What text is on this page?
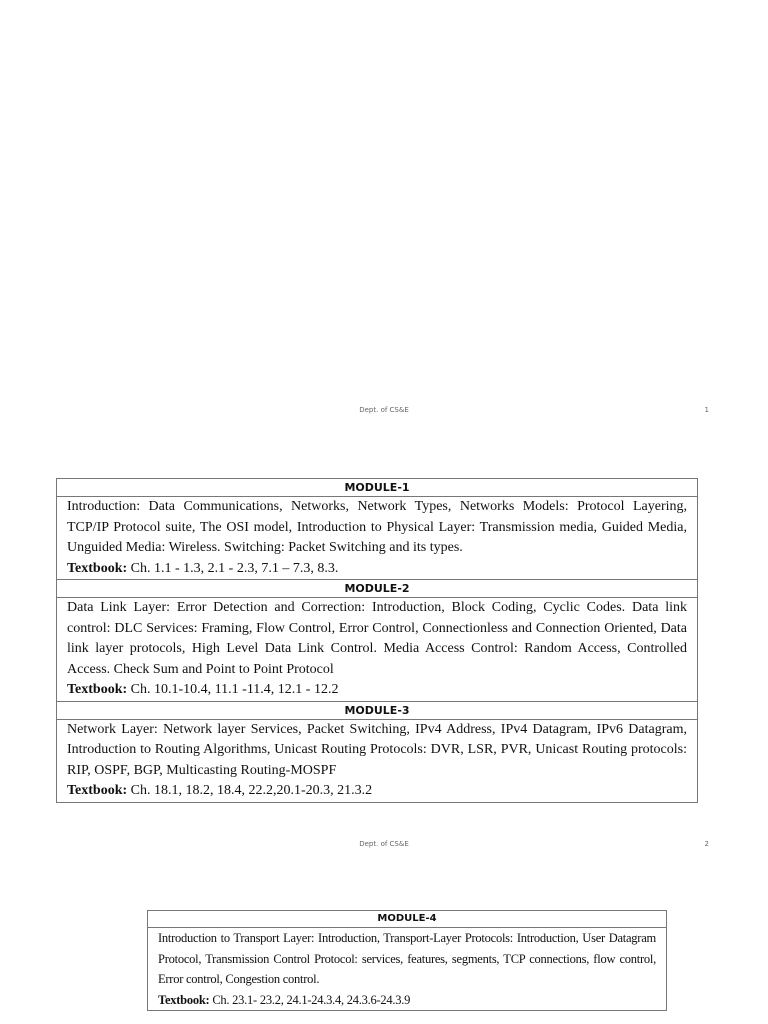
Dept. of CS&E	1
MODULE-1

Introduction: Data Communications, Networks, Network Types, Networks Models: Protocol Layering, TCP/IP Protocol suite, The OSI model, Introduction to Physical Layer: Transmission media, Guided Media, Unguided Media: Wireless. Switching: Packet Switching and its types.
Textbook: Ch. 1.1 - 1.3, 2.1 - 2.3, 7.1 – 7.3, 8.3.

MODULE-2

Data Link Layer: Error Detection and Correction: Introduction, Block Coding, Cyclic Codes. Data link control: DLC Services: Framing, Flow Control, Error Control, Connectionless and Connection Oriented, Data link layer protocols, High Level Data Link Control. Media Access Control: Random Access, Controlled Access. Check Sum and Point to Point Protocol
Textbook: Ch. 10.1-10.4, 11.1 -11.4, 12.1 - 12.2

MODULE-3

Network Layer: Network layer Services, Packet Switching, IPv4 Address, IPv4 Datagram, IPv6 Datagram, Introduction to Routing Algorithms, Unicast Routing Protocols: DVR, LSR, PVR, Unicast Routing protocols: RIP, OSPF, BGP, Multicasting Routing-MOSPF
Textbook: Ch. 18.1, 18.2, 18.4, 22.2,20.1-20.3, 21.3.2
Dept. of CS&E	2
MODULE-4

Introduction to Transport Layer: Introduction, Transport-Layer Protocols: Introduction, User Datagram Protocol, Transmission Control Protocol: services, features, segments, TCP connections, flow control, Error control, Congestion control.
Textbook: Ch. 23.1- 23.2, 24.1-24.3.4, 24.3.6-24.3.9
